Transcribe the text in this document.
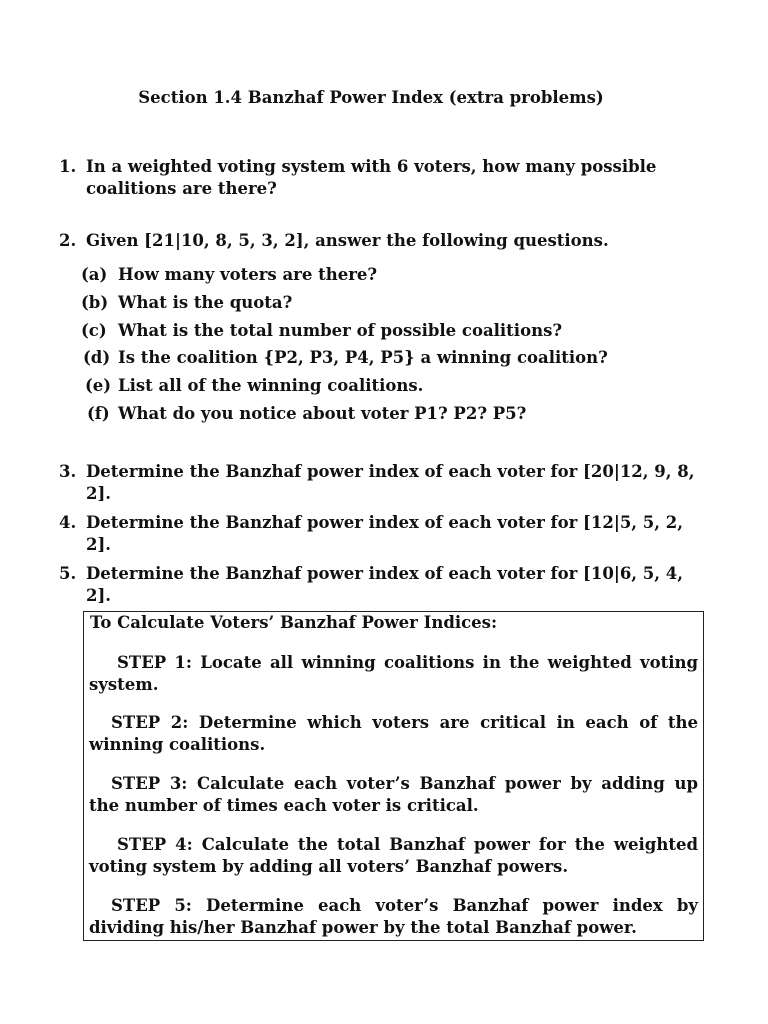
Section 1.4 Banzhaf Power Index (extra problems)
1. In a weighted voting system with 6 voters, how many possible coalitions are there?
2. Given [21|10, 8, 5, 3, 2], answer the following questions.
(a) How many voters are there?
(b) What is the quota?
(c) What is the total number of possible coalitions?
(d) Is the coalition {P2, P3, P4, P5} a winning coalition?
(e) List all of the winning coalitions.
(f) What do you notice about voter P1? P2? P5?
3. Determine the Banzhaf power index of each voter for [20|12, 9, 8, 2].
4. Determine the Banzhaf power index of each voter for [12|5, 5, 2, 2].
5. Determine the Banzhaf power index of each voter for [10|6, 5, 4, 2].
To Calculate Voters’ Banzhaf Power Indices:
STEP 1: Locate all winning coalitions in the weighted voting system.
STEP 2: Determine which voters are critical in each of the winning coalitions.
STEP 3: Calculate each voter’s Banzhaf power by adding up the number of times each voter is critical.
STEP 4: Calculate the total Banzhaf power for the weighted voting system by adding all voters’ Banzhaf powers.
STEP 5: Determine each voter’s Banzhaf power index by dividing his/her Banzhaf power by the total Banzhaf power.
